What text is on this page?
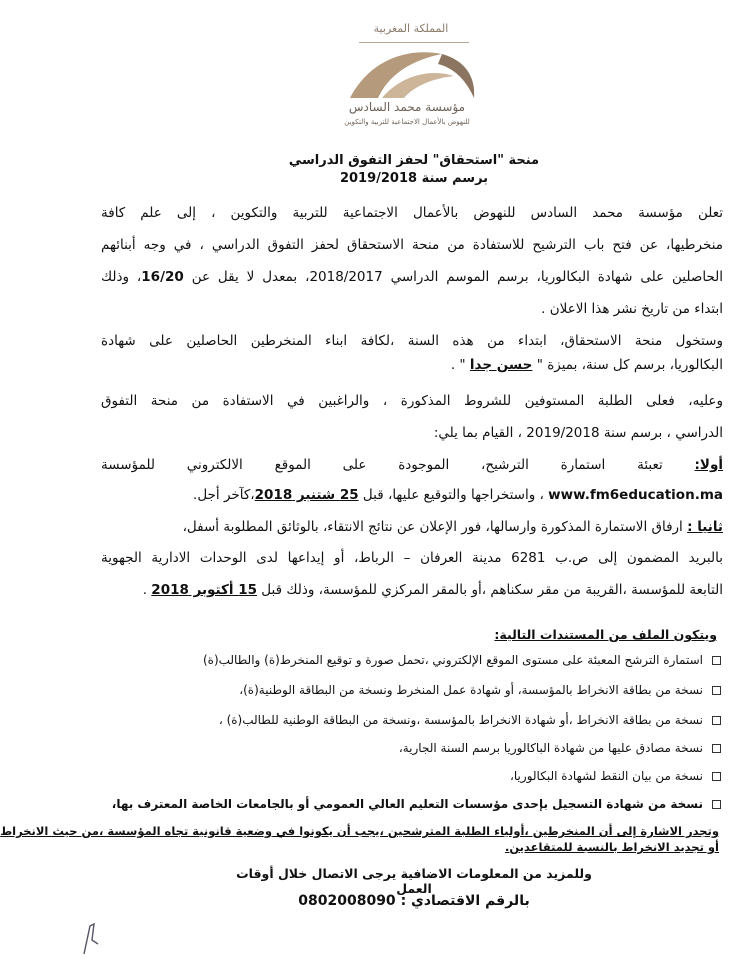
المملكة المغربية
مؤسسة محمد السادس
للنهوض بالأعمال الاجتماعية للتربية والتكوين
منحة "استحقاق" لحفز التفوق الدراسي
برسم سنة 2019/2018
تعلن مؤسسة محمد السادس للنهوض بالأعمال الاجتماعية للتربية والتكوين ، إلى علم كافة
منخرطيها، عن فتح باب الترشيح للاستفادة من منحة الاستحقاق لحفز التفوق الدراسي ، في وجه أبنائهم
الحاصلين على شهادة البكالوريا، برسم الموسم الدراسي 2018/2017، بمعدل لا يقل عن 16/20، وذلك
ابتداء من تاريخ نشر هذا الاعلان .
وستخول منحة الاستحقاق، ابتداء من هذه السنة ،لكافة ابناء المنخرطين الحاصلين على شهادة
البكالوريا، برسم كل سنة، بميزة " حسن جدا " .
وعليه، فعلى الطلبة المستوفين للشروط المذكورة ، والراغبين في الاستفادة من منحة التفوق
الدراسي ، برسم سنة 2019/2018 ، القيام بما يلي:
أولا: تعبئة استمارة الترشيح، الموجودة على الموقع الالكتروني للمؤسسة
www.fm6education.ma ، واستخراجها والتوقيع عليها، قبل 25 شتنبر 2018،كآخر أجل.
ثانيا : ارفاق الاستمارة المذكورة وارسالها، فور الإعلان عن نتائج الانتقاء، بالوثائق المطلوبة أسفل،
بالبريد المضمون إلى ص.ب 6281 مدينة العرفان – الرباط، أو إيداعها لدى الوحدات الادارية الجهوية
التابعة للمؤسسة ،القريبة من مقر سكناهم ،أو بالمقر المركزي للمؤسسة، وذلك قبل 15 أكتوبر 2018 .
ويتكون الملف من المستندات التالية:
استمارة الترشح المعبئة على مستوى الموقع الإلكتروني ،تحمل صورة و توقيع المنخرط(ة) والطالب(ة)
نسخة من بطاقة الانخراط بالمؤسسة، أو شهادة عمل المنخرط ونسخة من البطاقة الوطنية(ة)،
نسخة من بطاقة الانخراط ،أو شهادة الانخراط بالمؤسسة ،ونسخة من البطاقة الوطنية للطالب(ة) ،
نسخة مصادق عليها من شهادة الباكالوريا برسم السنة الجارية،
نسخة من بيان النقط لشهادة البكالوريا،
نسخة من شهادة التسجيل بإحدى مؤسسات التعليم العالي العمومي أو بالجامعات الخاصة المعترف بها،
وتجدر الاشارة إلى أن المنخرطين ،أولياء الطلبة المترشحين ،يجب أن يكونوا في وضعية قانونية تجاه المؤسسة ،من حيث الانخراط
أو تجديد الانخراط بالنسبة للمتقاعدين.
وللمزيد من المعلومات الاضافية يرجى الاتصال خلال أوقات العمل
بالرقم الاقتصادي : 0802008090
